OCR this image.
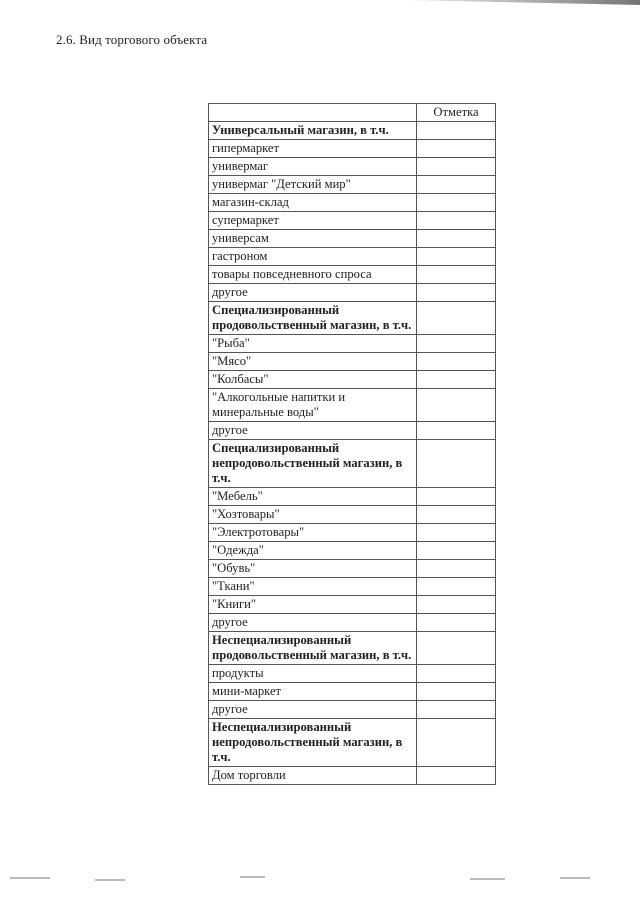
2.6. Вид торгового объекта
	Отметка
Универсальный магазин, в т.ч.	
гипермаркет	
универмаг	
универмаг "Детский мир"	
магазин-склад	
супермаркет	
универсам	
гастроном	
товары повседневного спроса	
другое	
Специализированный продовольственный магазин, в т.ч.	
"Рыба"	
"Мясо"	
"Колбасы"	
"Алкогольные напитки и минеральные воды"	
другое	
Специализированный непродовольственный магазин, в т.ч.	
"Мебель"	
"Хозтовары"	
"Электротовары"	
"Одежда"	
"Обувь"	
"Ткани"	
"Книги"	
другое	
Неспециализированный продовольственный магазин, в т.ч.	
продукты	
мини-маркет	
другое	
Неспециализированный непродовольственный магазин, в т.ч.	
Дом торговли	
